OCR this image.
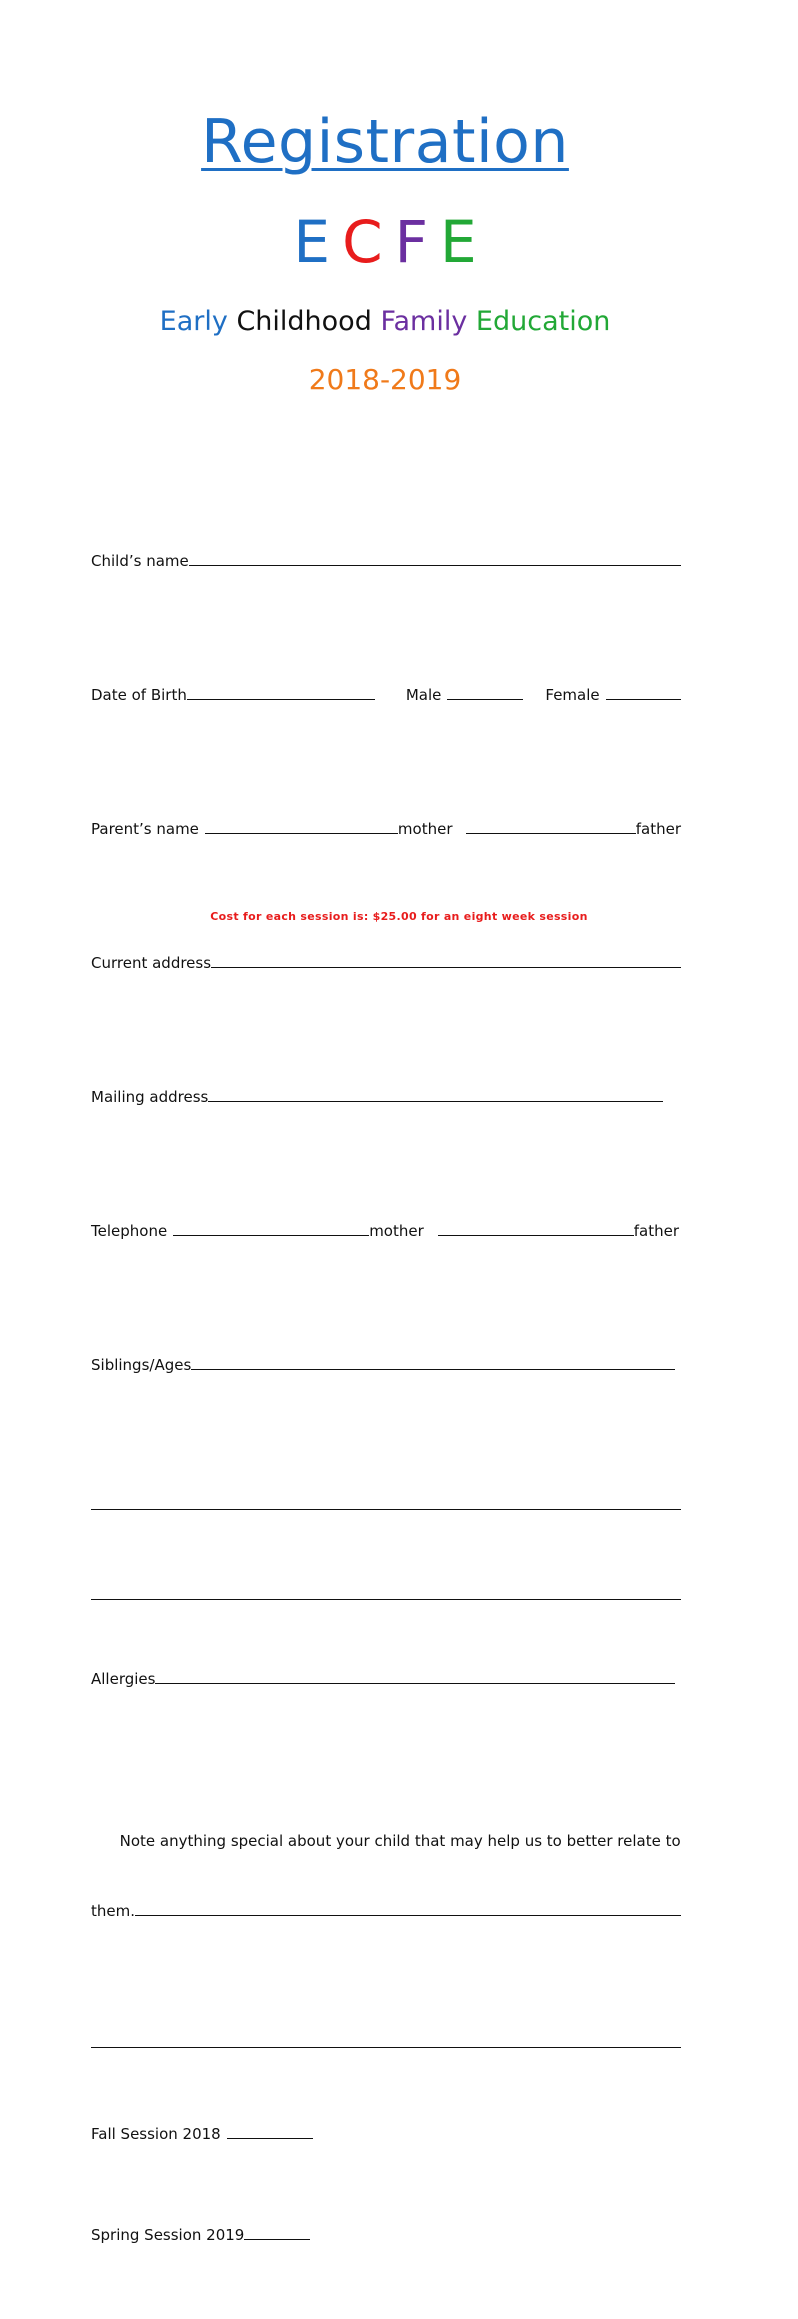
Registration
E C F E
Early Childhood Family Education
2018-2019

Child’s name

Date of Birth	Male	Female

Parent’s name	mother	father

Current address

Mailing address

Telephone	mother	father

Siblings/Ages

Allergies

Note anything special about your child that may help us to better relate to

them.

Fall Session 2018

Spring Session 2019

Cost for each session is: $25.00 for an eight week session
